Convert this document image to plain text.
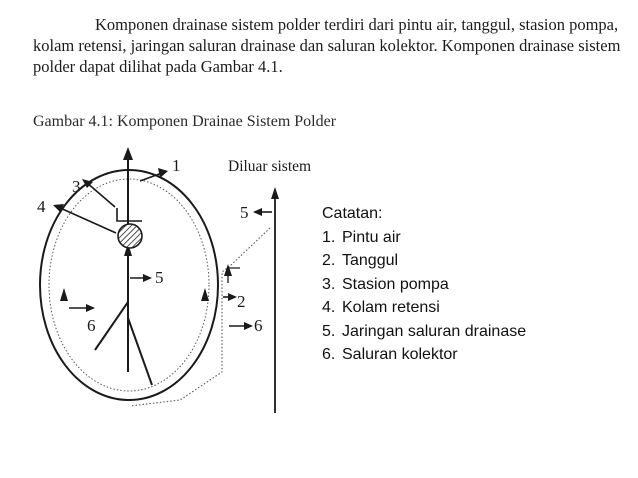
Komponen drainase sistem polder terdiri dari pintu air, tanggul, stasion pompa,
kolam retensi, jaringan saluran drainase dan saluran kolektor. Komponen drainase sistem
polder dapat dilihat pada Gambar 4.1.
Gambar 4.1: Komponen Drainae Sistem Polder
1
3
4
5
6
2
6
5
Diluar sistem
Catatan:
1. Pintu air
2. Tanggul
3. Stasion pompa
4. Kolam retensi
5. Jaringan saluran drainase
6. Saluran kolektor
